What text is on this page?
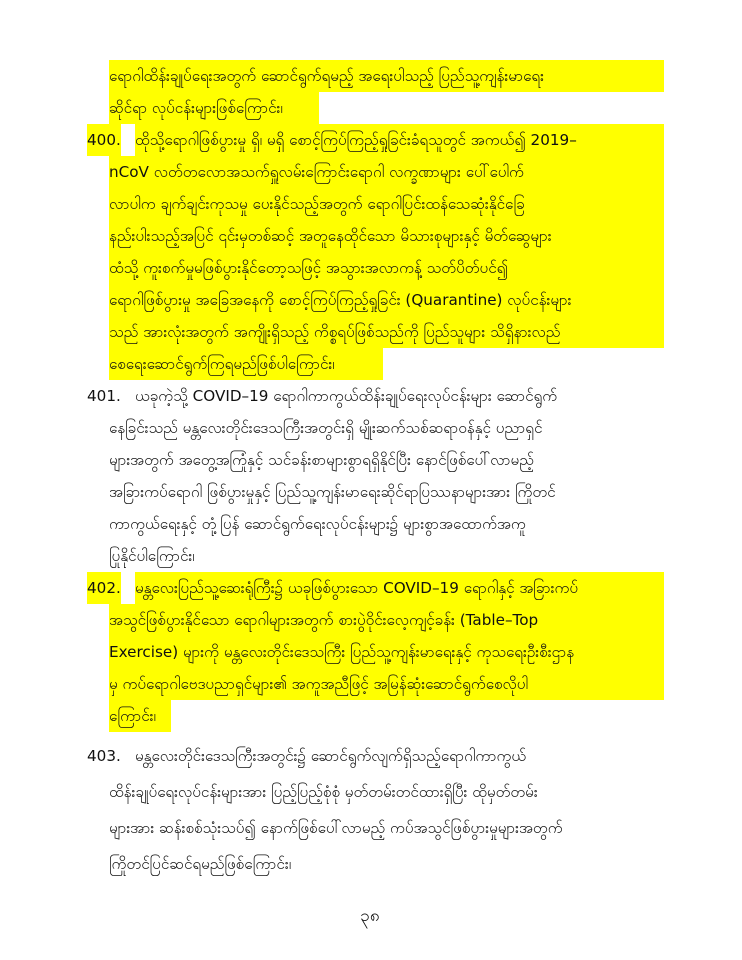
ရောဂါထိန်းချုပ်ရေးအတွက် ဆောင်ရွက်ရမည့် အရေးပါသည့် ပြည်သူ့ကျန်းမာရေး
ဆိုင်ရာ လုပ်ငန်းများဖြစ်ကြောင်း၊
400. ထိုသို့ရောဂါဖြစ်ပွားမှု ရှိ၊ မရှိ စောင့်ကြပ်ကြည့်ရှုခြင်းခံရသူတွင် အကယ်၍ 2019–
nCoV လတ်တလောအသက်ရှူလမ်းကြောင်းရောဂါ လက္ခဏာများ ပေါ်ပေါက်
လာပါက ချက်ချင်းကုသမှု ပေးနိုင်သည့်အတွက် ရောဂါပြင်းထန်သေဆုံးနိုင်ခြေ
နည်းပါးသည့်အပြင် ၎င်းမှတစ်ဆင့် အတူနေထိုင်သော မိသားစုများနှင့် မိတ်ဆွေများ
ထံသို့ ကူးစက်မှုမဖြစ်ပွားနိုင်တော့သဖြင့် အသွားအလာကန့် သတ်ပိတ်ပင်၍
ရောဂါဖြစ်ပွားမှု အခြေအနေကို စောင့်ကြပ်ကြည့်ရှုခြင်း (Quarantine) လုပ်ငန်းများ
သည် အားလုံးအတွက် အကျိုးရှိသည့် ကိစ္စရပ်ဖြစ်သည်ကို ပြည်သူများ သိရှိနားလည်
စေရေးဆောင်ရွက်ကြရမည်ဖြစ်ပါကြောင်း၊
401. ယခုကဲ့သို့ COVID–19 ရောဂါကာကွယ်ထိန်းချုပ်ရေးလုပ်ငန်းများ ဆောင်ရွက်
နေခြင်းသည် မန္တလေးတိုင်းဒေသကြီးအတွင်းရှိ မျိုးဆက်သစ်ဆရာဝန်နှင့် ပညာရှင်
များအတွက် အတွေ့အကြုံနှင့် သင်ခန်းစာများစွာရရှိနိုင်ပြီး နောင်ဖြစ်ပေါ်လာမည့်
အခြားကပ်ရောဂါ ဖြစ်ပွားမှုနှင့် ပြည်သူ့ကျန်းမာရေးဆိုင်ရာပြဿနာများအား ကြိုတင်
ကာကွယ်ရေးနှင့် တုံ့ပြန် ဆောင်ရွက်ရေးလုပ်ငန်းများ၌ များစွာအထောက်အကူ
ပြုနိုင်ပါကြောင်း၊
402. မန္တလေးပြည်သူ့ဆေးရုံကြီး၌ ယခုဖြစ်ပွားသော COVID–19 ရောဂါနှင့် အခြားကပ်
အသွင်ဖြစ်ပွားနိုင်သော ရောဂါများအတွက် စားပွဲဝိုင်းလေ့ကျင့်ခန်း (Table–Top
Exercise) များကို မန္တလေးတိုင်းဒေသကြီး ပြည်သူ့ကျန်းမာရေးနှင့် ကုသရေးဦးစီးဌာန
မှ ကပ်ရောဂါဗေဒပညာရှင်များ၏ အကူအညီဖြင့် အမြန်ဆုံးဆောင်ရွက်စေလိုပါ
ကြောင်း၊
403. မန္တလေးတိုင်းဒေသကြီးအတွင်း၌ ဆောင်ရွက်လျက်ရှိသည့်ရောဂါကာကွယ်
၃၈
ထိန်းချုပ်ရေးလုပ်ငန်းများအား ပြည့်ပြည့်စုံစုံ မှတ်တမ်းတင်ထားရှိပြီး ထိုမှတ်တမ်း
များအား ဆန်းစစ်သုံးသပ်၍ နောက်ဖြစ်ပေါ်လာမည့် ကပ်အသွင်ဖြစ်ပွားမှုများအတွက်
ကြိုတင်ပြင်ဆင်ရမည်ဖြစ်ကြောင်း၊
